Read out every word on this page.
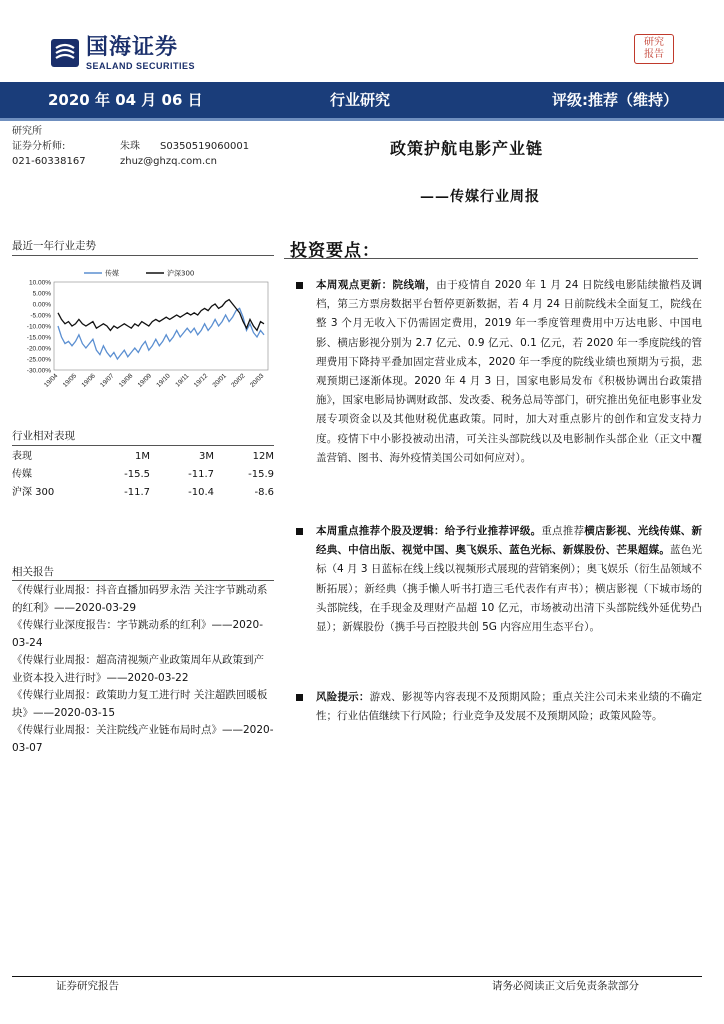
国海证券
SEALAND SECURITIES
研究
报告
2020 年 04 月 06 日	行业研究	评级:推荐（维持）
研究所
证券分析师:	朱珠	S0350519060001
021-60338167	zhuz@ghzq.com.cn
政策护航电影产业链
——传媒行业周报
最近一年行业走势
10.00%
5.00%
0.00%
-5.00%
-10.00%
-15.00%
-20.00%
-25.00%
-30.00%
19/04 19/05 19/06 19/07 19/08 19/09 19/10 19/11 19/12 20/01 20/02 20/03
传媒	沪深300
行业相对表现
表现	1M	3M	12M
传媒	-15.5	-11.7	-15.9
沪深 300	-11.7	-10.4	-8.6
相关报告
《传媒行业周报：抖音直播加码罗永浩 关注字节跳动系的红利》——2020-03-29
《传媒行业深度报告：字节跳动系的红利》——2020-03-24
《传媒行业周报：超高清视频产业政策周年从政策到产业资本投入进行时》——2020-03-22
《传媒行业周报：政策助力复工进行时 关注超跌回暖板块》——2020-03-15
《传媒行业周报：关注院线产业链布局时点》——2020-03-07
投资要点：
本周观点更新：院线端，由于疫情自 2020 年 1 月 24 日院线电影陆续撤档及调档，第三方票房数据平台暂停更新数据，若 4 月 24 日前院线未全面复工，院线在整 3 个月无收入下仍需固定费用，2019 年一季度管理费用中万达电影、中国电影、横店影视分别为 2.7 亿元、0.9 亿元、0.1 亿元，若 2020 年一季度院线的管理费用下降持平叠加固定营业成本，2020 年一季度的院线业绩也预期为亏损，悲观预期已逐渐体现。2020 年 4 月 3 日，国家电影局发布《积极协调出台政策措施》，国家电影局协调财政部、发改委、税务总局等部门，研究推出免征电影事业发展专项资金以及其他财税优惠政策。同时，加大对重点影片的创作和宣发支持力度。疫情下中小影投被动出清，可关注头部院线以及电影制作头部企业（正文中覆盖营销、图书、海外疫情美国公司如何应对）。
本周重点推荐个股及逻辑：给予行业推荐评级。重点推荐横店影视、光线传媒、新经典、中信出版、视觉中国、奥飞娱乐、蓝色光标、新媒股份、芒果超媒。蓝色光标（4 月 3 日蓝标在线上线以视频形式展现的营销案例）；奥飞娱乐（衍生品领域不断拓展）；新经典（携手懒人听书打造三毛代表作有声书）；横店影视（下城市场的头部院线，在手现金及理财产品超 10 亿元，市场被动出清下头部院线外延优势凸显）；新媒股份（携手号百控股共创 5G 内容应用生态平台）。
风险提示：游戏、影视等内容表现不及预期风险；重点关注公司未来业绩的不确定性；行业估值继续下行风险；行业竞争及发展不及预期风险；政策风险等。
证券研究报告	请务必阅读正文后免责条款部分
